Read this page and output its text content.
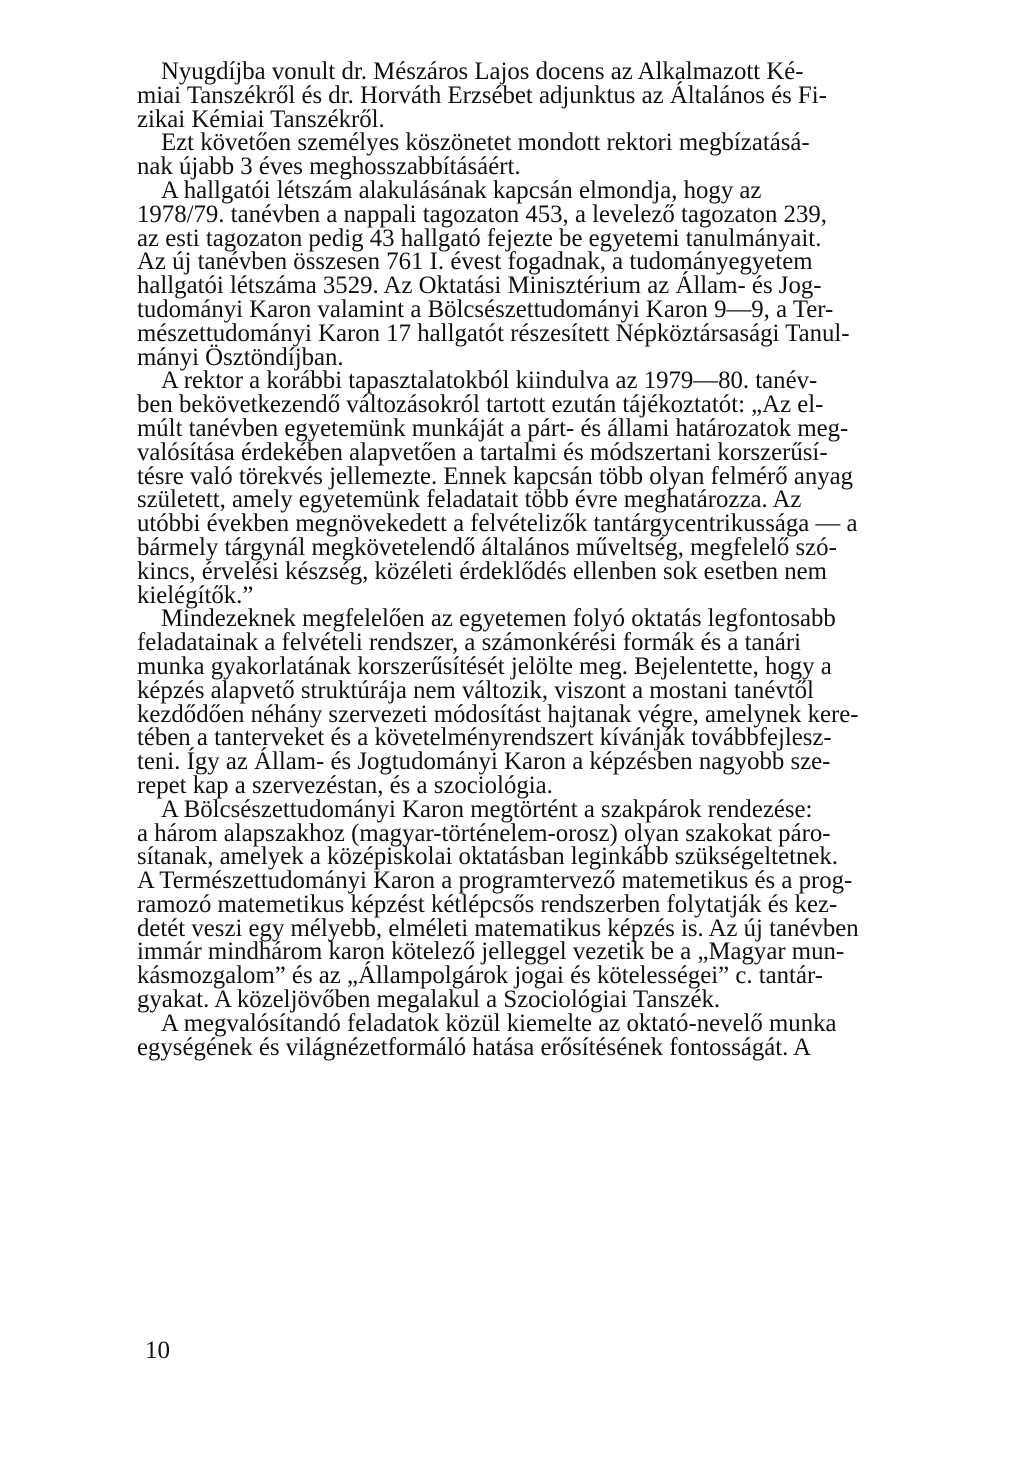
Nyugdíjba vonult dr. Mészáros Lajos docens az Alkalmazott Ké-
miai Tanszékről és dr. Horváth Erzsébet adjunktus az Általános és Fi-
zikai Kémiai Tanszékről.

Ezt követően személyes köszönetet mondott rektori megbízatásá-
nak újabb 3 éves meghosszabbításáért.

A hallgatói létszám alakulásának kapcsán elmondja, hogy az
1978/79. tanévben a nappali tagozaton 453, a levelező tagozaton 239,
az esti tagozaton pedig 43 hallgató fejezte be egyetemi tanulmányait.
Az új tanévben összesen 761 I. évest fogadnak, a tudományegyetem
hallgatói létszáma 3529. Az Oktatási Minisztérium az Állam- és Jog-
tudományi Karon valamint a Bölcsészettudományi Karon 9—9, a Ter-
mészettudományi Karon 17 hallgatót részesített Népköztársasági Tanul-
mányi Ösztöndíjban.

A rektor a korábbi tapasztalatokból kiindulva az 1979—80. tanév-
ben bekövetkezendő változásokról tartott ezután tájékoztatót: „Az el-
múlt tanévben egyetemünk munkáját a párt- és állami határozatok meg-
valósítása érdekében alapvetően a tartalmi és módszertani korszerűsí-
tésre való törekvés jellemezte. Ennek kapcsán több olyan felmérő anyag
született, amely egyetemünk feladatait több évre meghatározza. Az
utóbbi években megnövekedett a felvételizők tantárgycentrikussága — a
bármely tárgynál megkövetelendő általános műveltség, megfelelő szó-
kincs, érvelési készség, közéleti érdeklődés ellenben sok esetben nem
kielégítők.”

Mindezeknek megfelelően az egyetemen folyó oktatás legfontosabb
feladatainak a felvételi rendszer, a számonkérési formák és a tanári
munka gyakorlatának korszerűsítését jelölte meg. Bejelentette, hogy a
képzés alapvető struktúrája nem változik, viszont a mostani tanévtől
kezdődően néhány szervezeti módosítást hajtanak végre, amelynek kere-
tében a tanterveket és a követelményrendszert kívánják továbbfejlesz-
teni. Így az Állam- és Jogtudományi Karon a képzésben nagyobb sze-
repet kap a szervezéstan, és a szociológia.

A Bölcsészettudományi Karon megtörtént a szakpárok rendezése:
a három alapszakhoz (magyar-történelem-orosz) olyan szakokat páro-
sítanak, amelyek a középiskolai oktatásban leginkább szükségeltetnek.
A Természettudományi Karon a programtervező matemetikus és a prog-
ramozó matemetikus képzést kétlépcsős rendszerben folytatják és kez-
detét veszi egy mélyebb, elméleti matematikus képzés is. Az új tanévben
immár mindhárom karon kötelező jelleggel vezetik be a „Magyar mun-
kásmozgalom” és az „Állampolgárok jogai és kötelességei” c. tantár-
gyakat. A közeljövőben megalakul a Szociológiai Tanszék.

A megvalósítandó feladatok közül kiemelte az oktató-nevelő munka
egységének és világnézetformáló hatása erősítésének fontosságát. A

10
